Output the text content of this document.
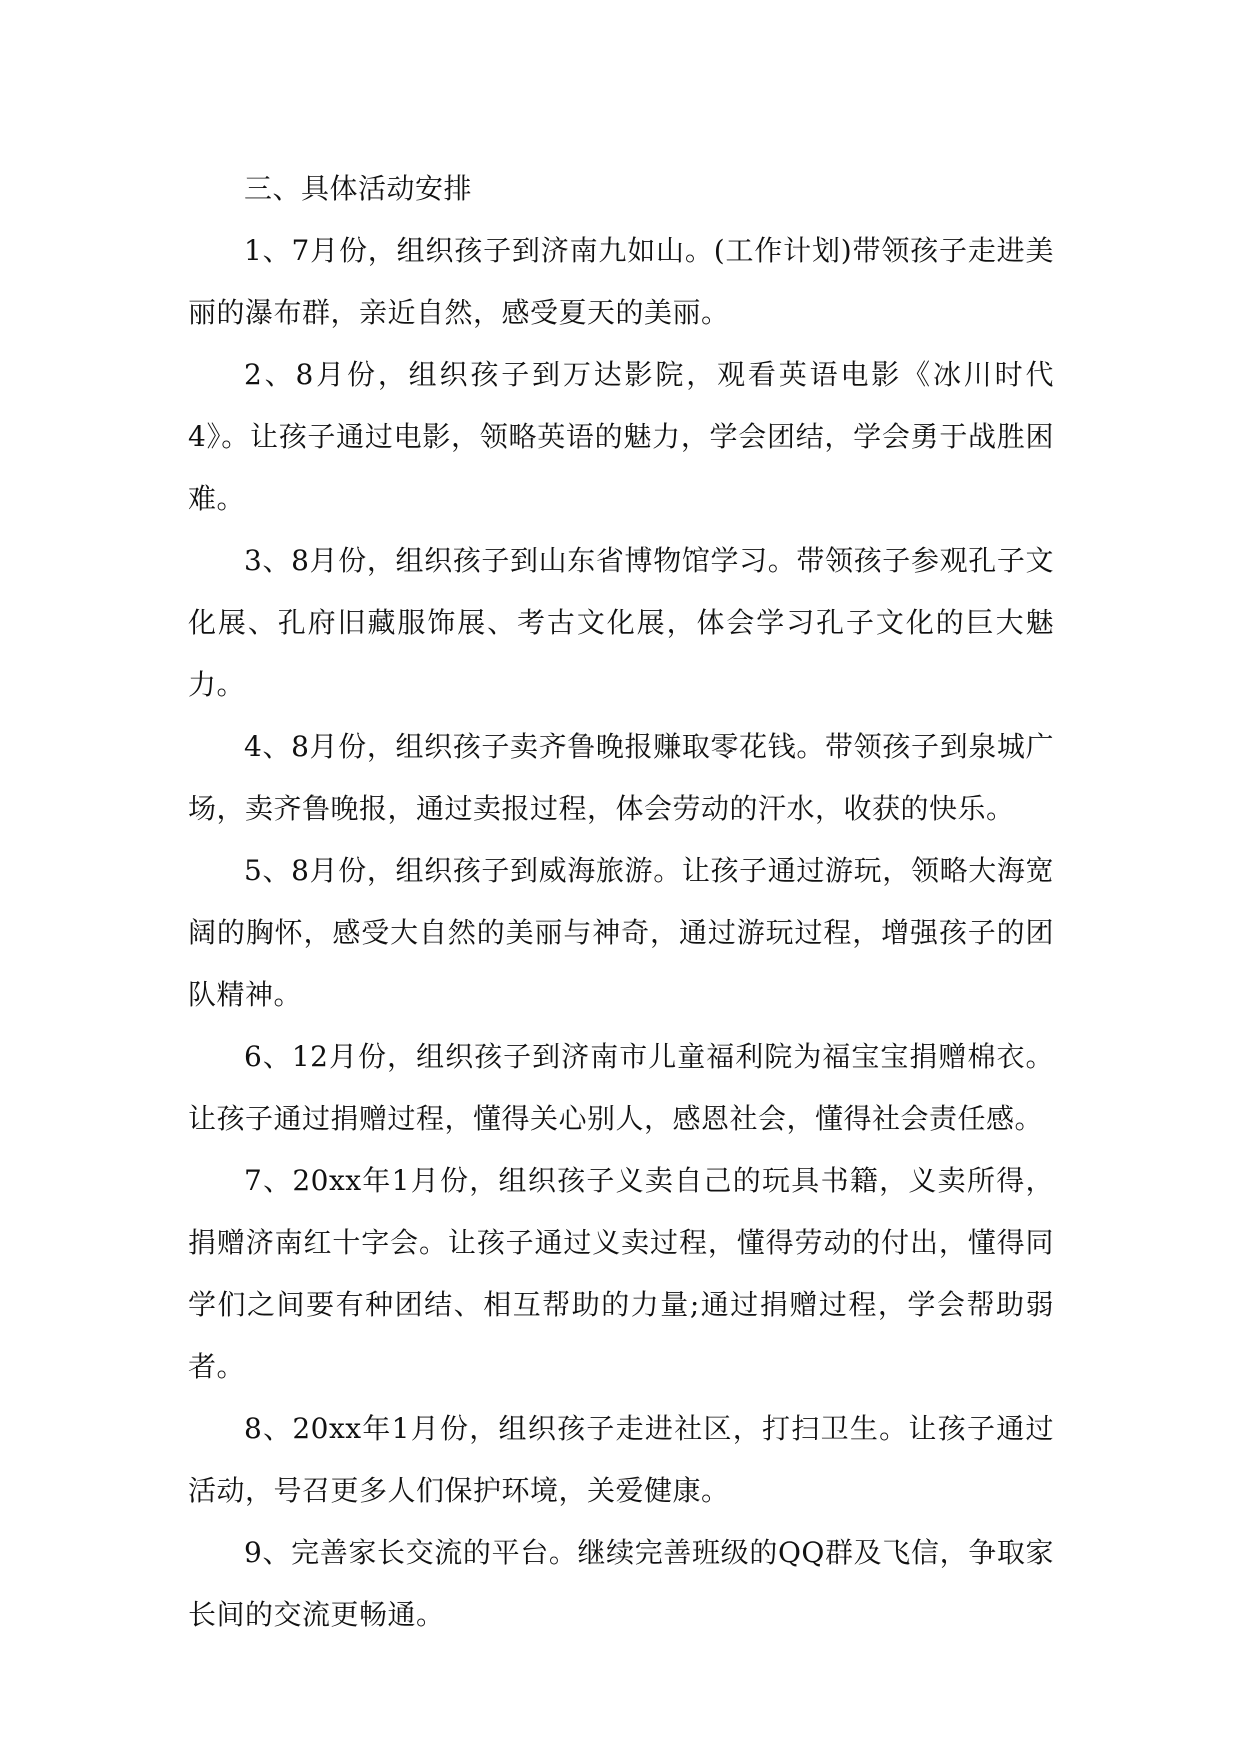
三、具体活动安排

1、7月份，组织孩子到济南九如山。(工作计划)带领孩子走进美丽的瀑布群，亲近自然，感受夏天的美丽。

2、8月份，组织孩子到万达影院，观看英语电影《冰川时代4》。让孩子通过电影，领略英语的魅力，学会团结，学会勇于战胜困难。

3、8月份，组织孩子到山东省博物馆学习。带领孩子参观孔子文化展、孔府旧藏服饰展、考古文化展，体会学习孔子文化的巨大魅力。

4、8月份，组织孩子卖齐鲁晚报赚取零花钱。带领孩子到泉城广场，卖齐鲁晚报，通过卖报过程，体会劳动的汗水，收获的快乐。

5、8月份，组织孩子到威海旅游。让孩子通过游玩，领略大海宽阔的胸怀，感受大自然的美丽与神奇，通过游玩过程，增强孩子的团队精神。

6、12月份，组织孩子到济南市儿童福利院为福宝宝捐赠棉衣。让孩子通过捐赠过程，懂得关心别人，感恩社会，懂得社会责任感。

7、20xx年1月份，组织孩子义卖自己的玩具书籍，义卖所得，捐赠济南红十字会。让孩子通过义卖过程，懂得劳动的付出，懂得同学们之间要有种团结、相互帮助的力量;通过捐赠过程，学会帮助弱者。

8、20xx年1月份，组织孩子走进社区，打扫卫生。让孩子通过活动，号召更多人们保护环境，关爱健康。

9、完善家长交流的平台。继续完善班级的QQ群及飞信，争取家长间的交流更畅通。
